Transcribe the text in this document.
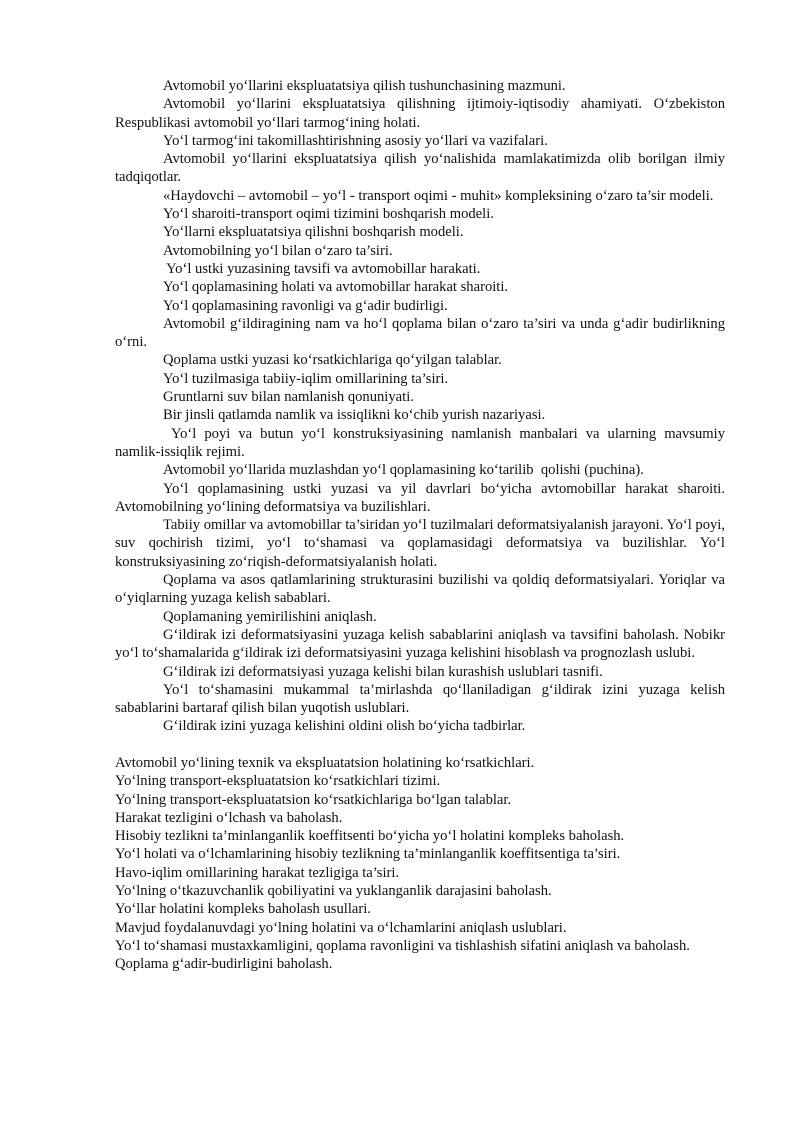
Avtomobil yo‘llarini ekspluatatsiya qilish tushunchasining mazmuni.

Avtomobil yo‘llarini ekspluatatsiya qilishning ijtimoiy-iqtisodiy ahamiyati. O‘zbekiston Respublikasi avtomobil yo‘llari tarmog‘ining holati.

Yo‘l tarmog‘ini takomillashtirishning asosiy yo‘llari va vazifalari.

Avtomobil yo‘llarini ekspluatatsiya qilish yo‘nalishida mamlakatimizda olib borilgan ilmiy tadqiqotlar.

«Haydovchi – avtomobil – yo‘l - transport oqimi - muhit» kompleksining o‘zaro ta’sir modeli.

Yo‘l sharoiti-transport oqimi tizimini boshqarish modeli.

Yo‘llarni ekspluatatsiya qilishni boshqarish modeli.

Avtomobilning yo‘l bilan o‘zaro ta’siri.

Yo‘l ustki yuzasining tavsifi va avtomobillar harakati.

Yo‘l qoplamasining holati va avtomobillar harakat sharoiti.

Yo‘l qoplamasining ravonligi va g‘adir budirligi.

Avtomobil g‘ildiragining nam va ho‘l qoplama bilan o‘zaro ta’siri va unda g‘adir budirlikning o‘rni.

Qoplama ustki yuzasi ko‘rsatkichlariga qo‘yilgan talablar.

Yo‘l tuzilmasiga tabiiy-iqlim omillarining ta’siri.

Gruntlarni suv bilan namlanish qonuniyati.

Bir jinsli qatlamda namlik va issiqlikni ko‘chib yurish nazariyasi.

Yo‘l poyi va butun yo‘l konstruksiyasining namlanish manbalari va ularning mavsumiy namlik-issiqlik rejimi.

Avtomobil yo‘llarida muzlashdan yo‘l qoplamasining ko‘tarilib  qolishi (puchina).

Yo‘l qoplamasining ustki yuzasi va yil davrlari bo‘yicha avtomobillar harakat sharoiti. Avtomobilning yo‘lining deformatsiya va buzilishlari.

Tabiiy omillar va avtomobillar ta’siridan yo‘l tuzilmalari deformatsiyalanish jarayoni. Yo‘l poyi, suv qochirish tizimi, yo‘l to‘shamasi va qoplamasidagi deformatsiya va buzilishlar. Yo‘l konstruksiyasining zo‘riqish-deformatsiyalanish holati.

Qoplama va asos qatlamlarining strukturasini buzilishi va qoldiq deformatsiyalari. Yoriqlar va o‘yiqlarning yuzaga kelish sabablari.

Qoplamaning yemirilishini aniqlash.

G‘ildirak izi deformatsiyasini yuzaga kelish sabablarini aniqlash va tavsifini baholash. Nobikr yo‘l to‘shamalarida g‘ildirak izi deformatsiyasini yuzaga kelishini hisoblash va prognozlash uslubi.

G‘ildirak izi deformatsiyasi yuzaga kelishi bilan kurashish uslublari tasnifi.

Yo‘l to‘shamasini mukammal ta’mirlashda qo‘llaniladigan g‘ildirak izini yuzaga kelish sabablarini bartaraf qilish bilan yuqotish uslublari.

G‘ildirak izini yuzaga kelishini oldini olish bo‘yicha tadbirlar.

Avtomobil yo‘lining texnik va ekspluatatsion holatining ko‘rsatkichlari.

Yo‘lning transport-ekspluatatsion ko‘rsatkichlari tizimi.

Yo‘lning transport-ekspluatatsion ko‘rsatkichlariga bo‘lgan talablar.

Harakat tezligini o‘lchash va baholash.

Hisobiy tezlikni ta’minlanganlik koeffitsenti bo‘yicha yo‘l holatini kompleks baholash.

Yo‘l holati va o‘lchamlarining hisobiy tezlikning ta’minlanganlik koeffitsentiga ta’siri.

Havo-iqlim omillarining harakat tezligiga ta’siri.

Yo‘lning o‘tkazuvchanlik qobiliyatini va yuklanganlik darajasini baholash.

Yo‘llar holatini kompleks baholash usullari.

Mavjud foydalanuvdagi yo‘lning holatini va o‘lchamlarini aniqlash uslublari.

Yo‘l to‘shamasi mustaxkamligini, qoplama ravonligini va tishlashish sifatini aniqlash va baholash.

Qoplama g‘adir-budirligini baholash.
